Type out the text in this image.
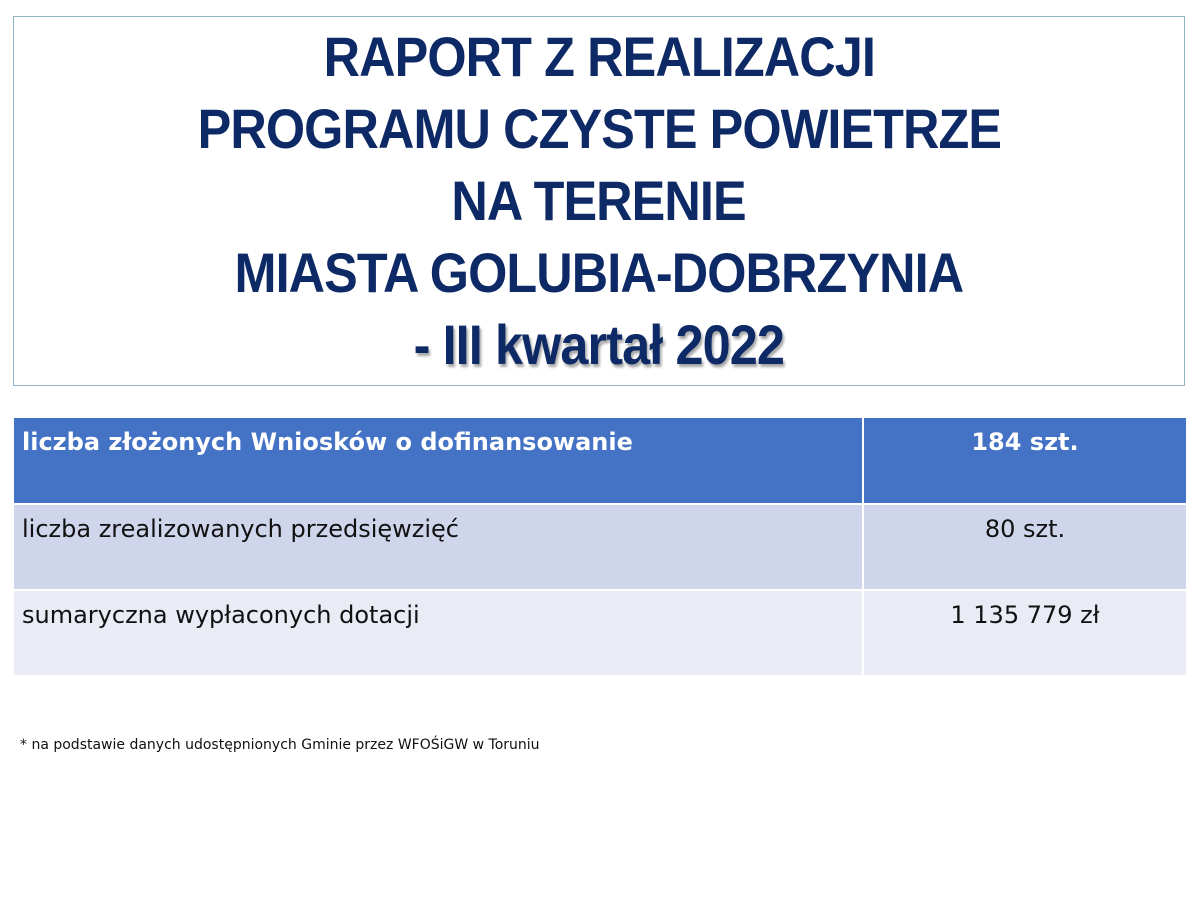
RAPORT Z REALIZACJI
PROGRAMU CZYSTE POWIETRZE
NA TERENIE
MIASTA GOLUBIA-DOBRZYNIA
- III kwartał 2022
liczba złożonych Wniosków o dofinansowanie	184 szt.
liczba zrealizowanych przedsięwzięć	80 szt.
sumaryczna wypłaconych dotacji	1 135 779 zł
* na podstawie danych udostępnionych Gminie przez WFOŚiGW w Toruniu
